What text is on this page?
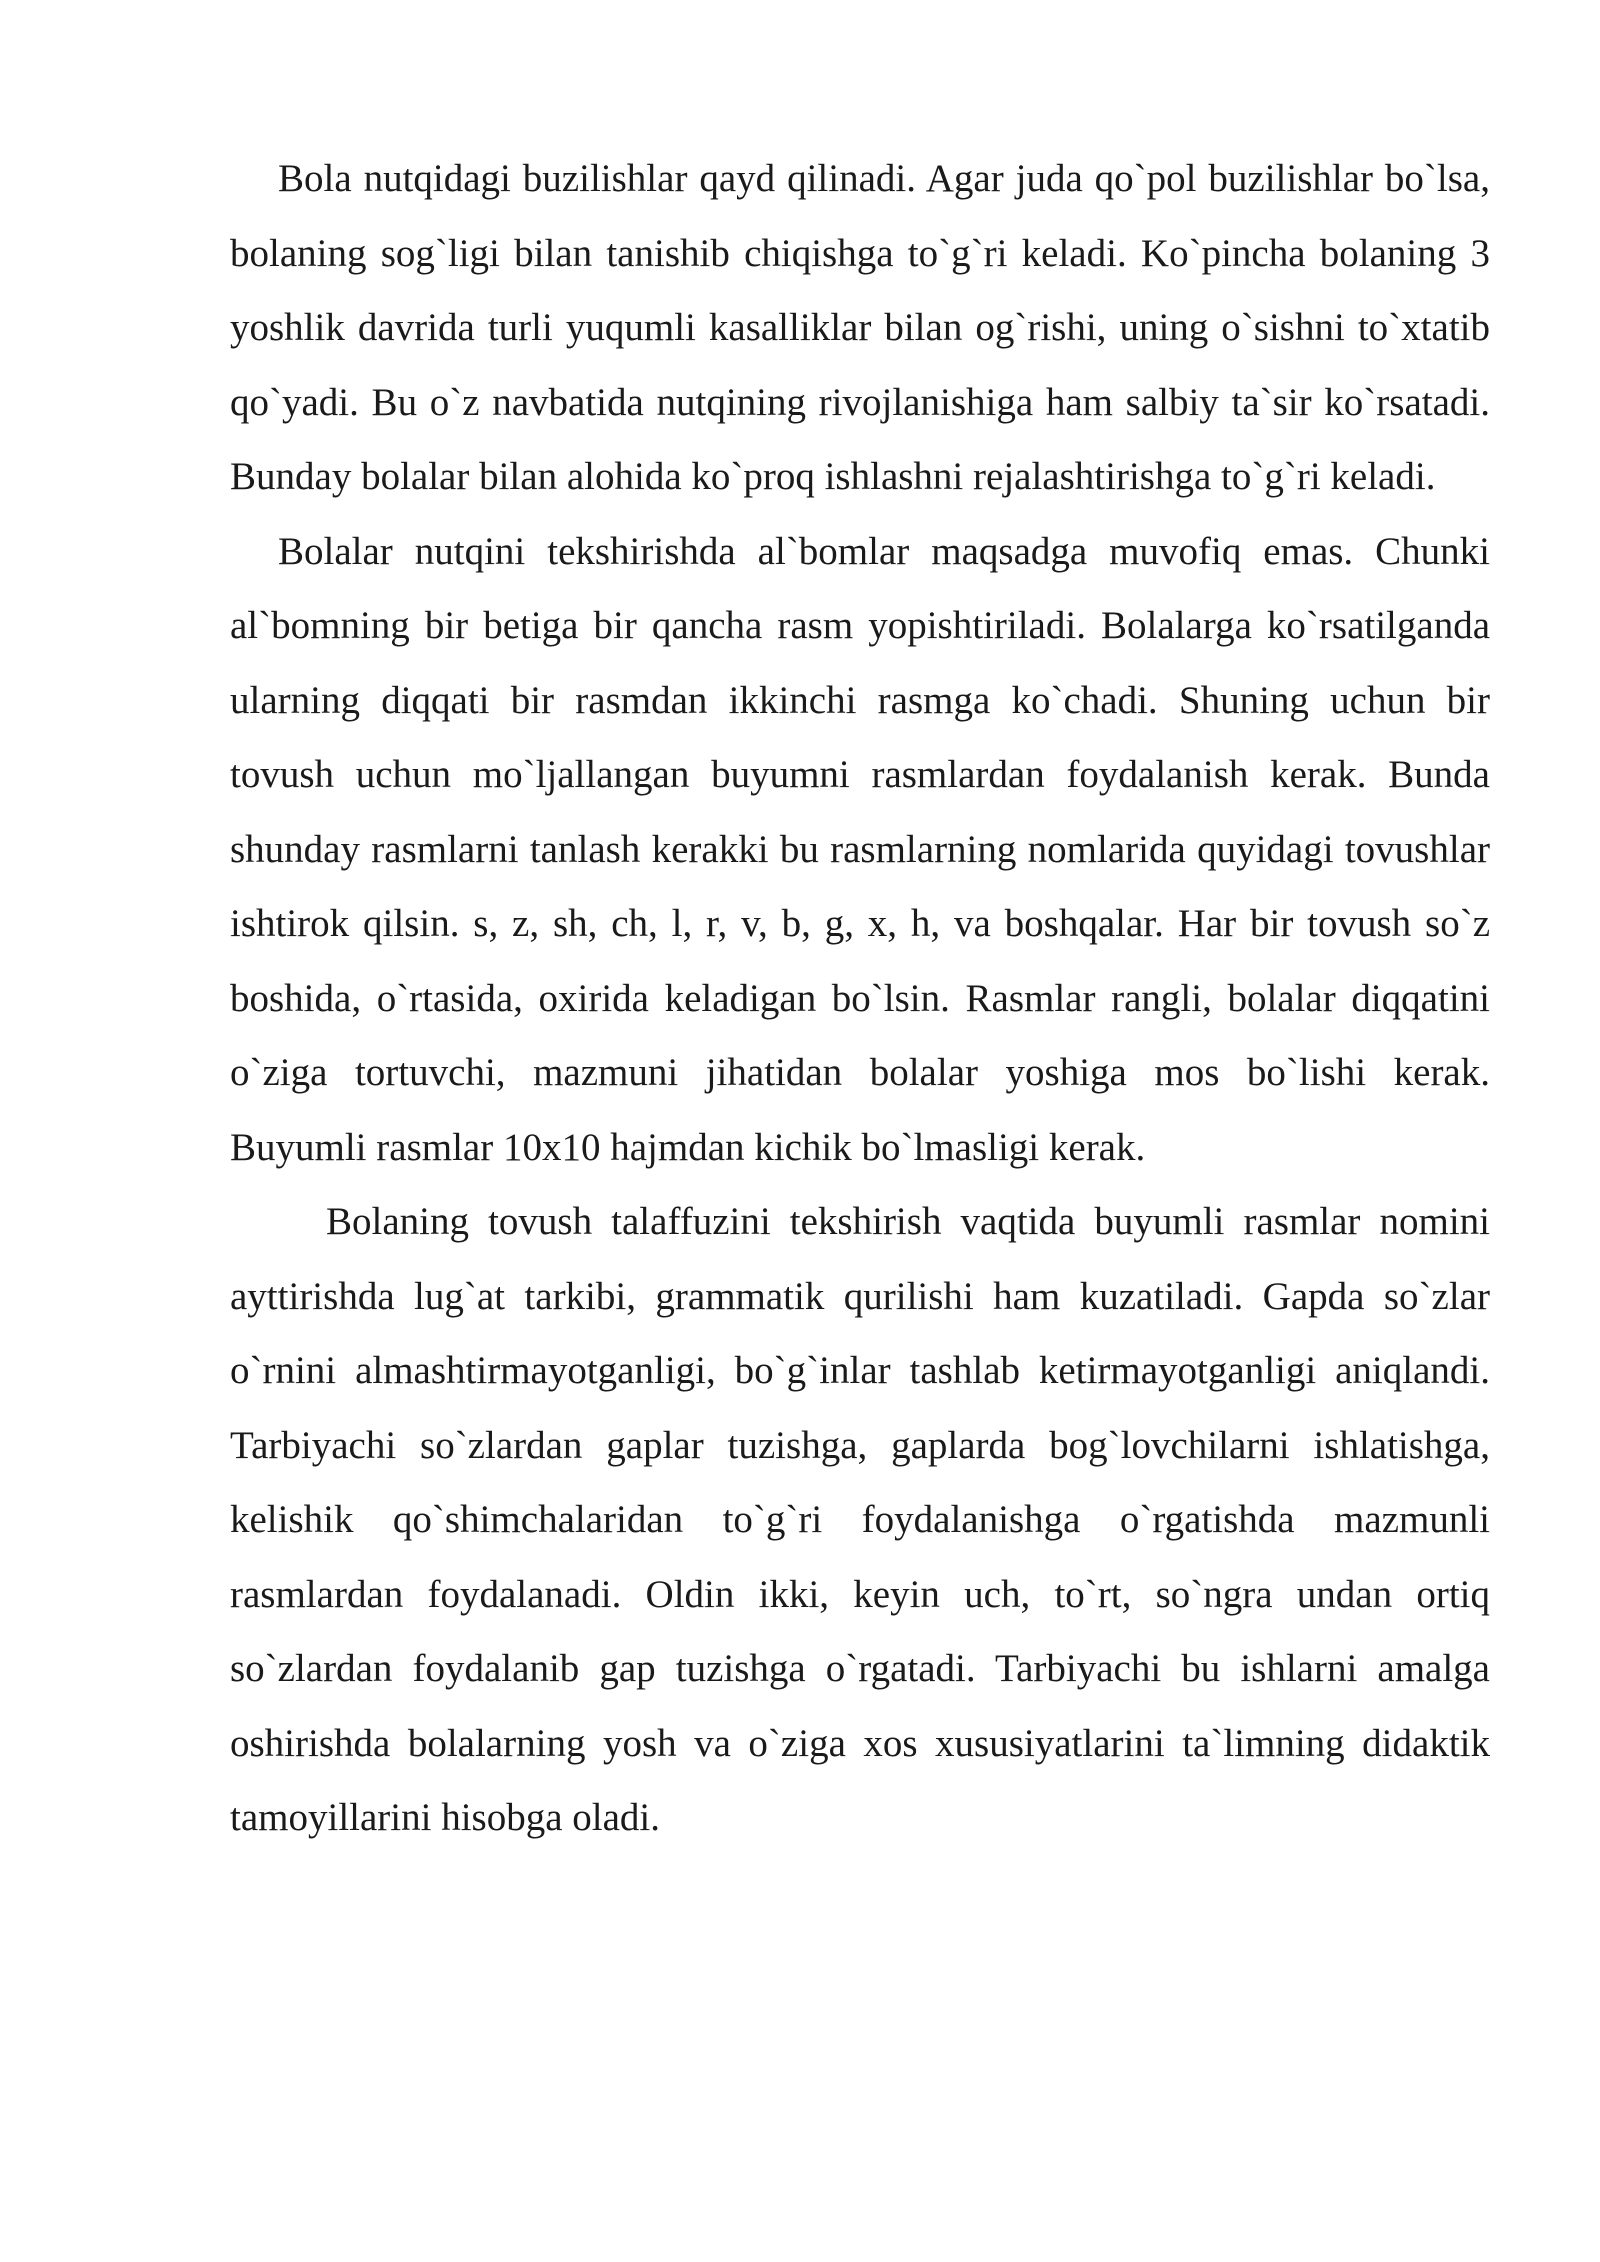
Bola nutqidagi buzilishlar qayd qilinadi. Agar juda qo`pol buzilishlar bo`lsa, bolaning sog`ligi bilan tanishib chiqishga to`g`ri keladi. Ko`pincha bolaning 3 yoshlik davrida turli yuqumli kasalliklar bilan og`rishi, uning o`sishni to`xtatib qo`yadi. Bu o`z navbatida nutqining rivojlanishiga ham salbiy ta`sir ko`rsatadi. Bunday bolalar bilan alohida ko`proq ishlashni rejalashtirishga to`g`ri keladi.

Bolalar nutqini tekshirishda al`bomlar maqsadga muvofiq emas. Chunki al`bomning bir betiga bir qancha rasm yopishtiriladi. Bolalarga ko`rsatilganda ularning diqqati bir rasmdan ikkinchi rasmga ko`chadi. Shuning uchun bir tovush uchun mo`ljallangan buyumni rasmlardan foydalanish kerak. Bunda shunday rasmlarni tanlash kerakki bu rasmlarning nomlarida quyidagi tovushlar ishtirok qilsin. s, z, sh, ch, l, r, v, b, g, x, h, va boshqalar. Har bir tovush so`z boshida, o`rtasida, oxirida keladigan bo`lsin. Rasmlar rangli, bolalar diqqatini o`ziga tortuvchi, mazmuni jihatidan bolalar yoshiga mos bo`lishi kerak. Buyumli rasmlar 10x10 hajmdan kichik bo`lmasligi kerak.

Bolaning tovush talaffuzini tekshirish vaqtida buyumli rasmlar nomini ayttirishda lug`at tarkibi, grammatik qurilishi ham kuzatiladi. Gapda so`zlar o`rnini almashtirmayotganligi, bo`g`inlar tashlab ketirmayotganligi aniqlandi. Tarbiyachi so`zlardan gaplar tuzishga, gaplarda bog`lovchilarni ishlatishga, kelishik qo`shimchalaridan to`g`ri foydalanishga o`rgatishda mazmunli rasmlardan foydalanadi. Oldin ikki, keyin uch, to`rt, so`ngra undan ortiq so`zlardan foydalanib gap tuzishga o`rgatadi. Tarbiyachi bu ishlarni amalga oshirishda bolalarning yosh va o`ziga xos xususiyatlarini ta`limning didaktik tamoyillarini hisobga oladi.
